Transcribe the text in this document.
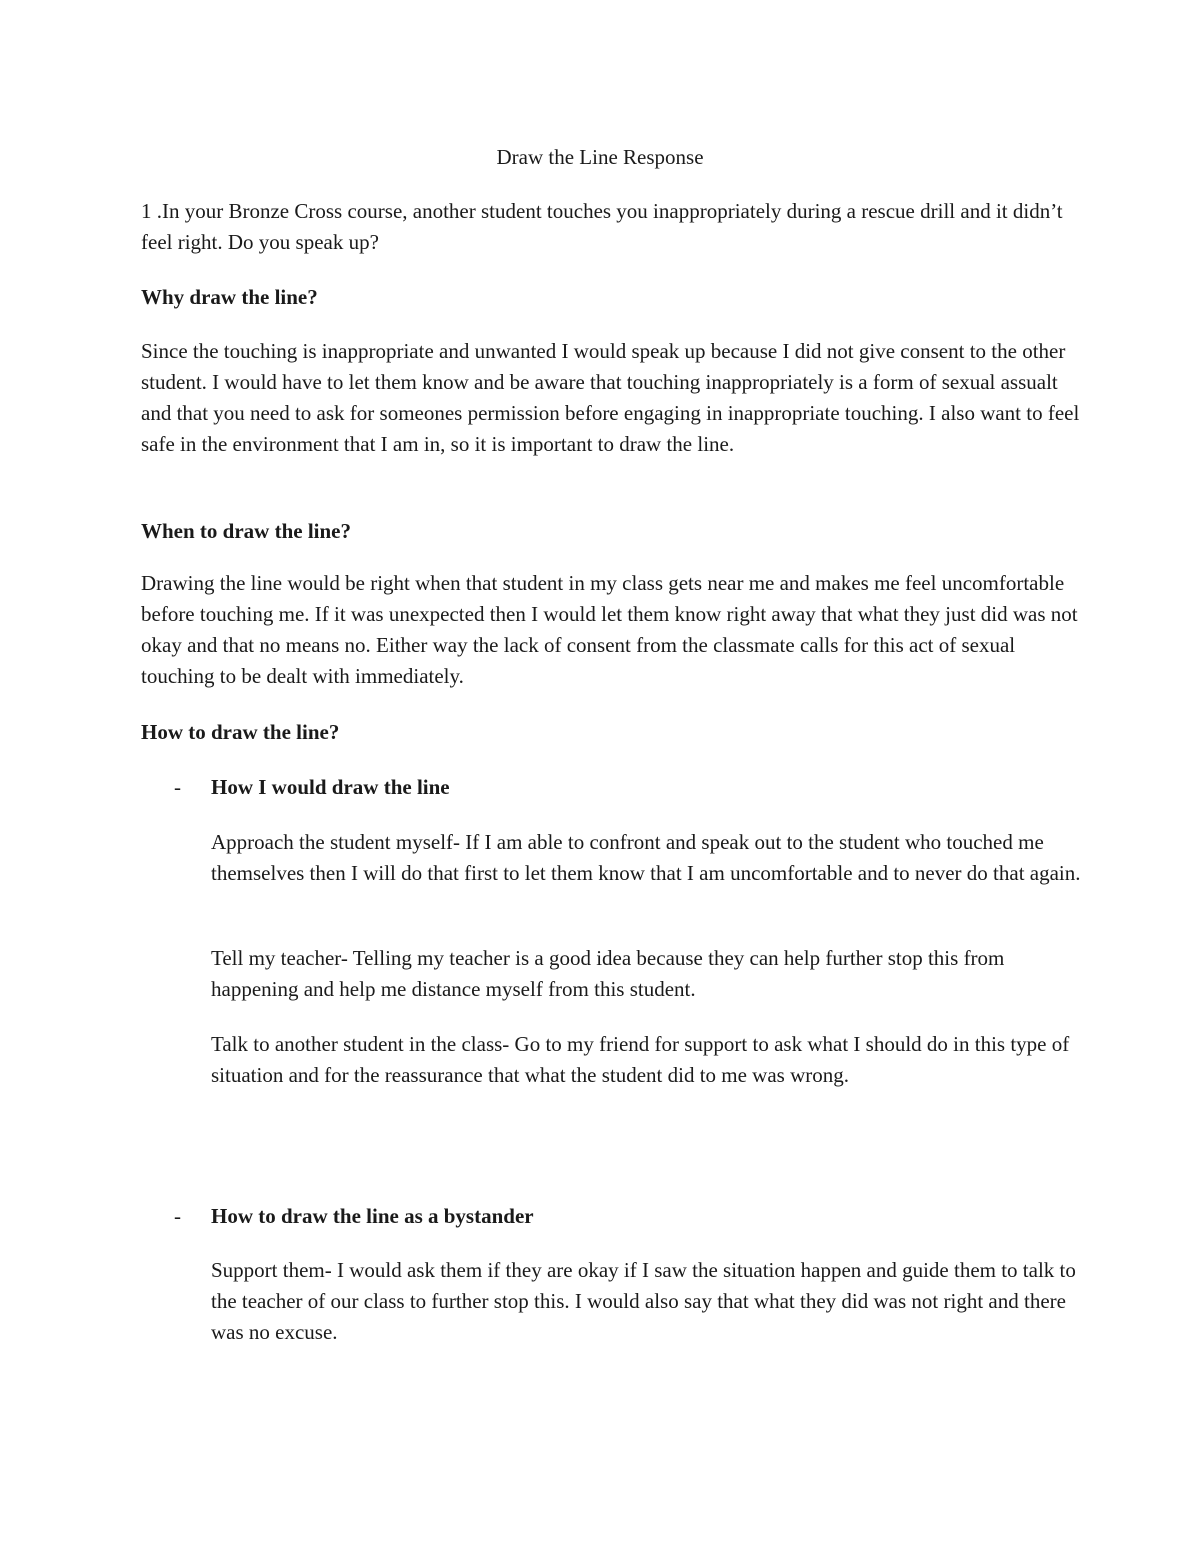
Draw the Line Response

1 .In your Bronze Cross course, another student touches you inappropriately during a rescue drill and it didn’t feel right. Do you speak up?

Why draw the line?

Since the touching is inappropriate and unwanted I would speak up because I did not give consent to the other student. I would have to let them know and be aware that touching inappropriately is a form of sexual assualt and that you need to ask for someones permission before engaging in inappropriate touching. I also want to feel safe in the environment that I am in, so it is important to draw the line.

When to draw the line?

Drawing the line would be right when that student in my class gets near me and makes me feel uncomfortable before touching me. If it was unexpected then I would let them know right away that what they just did was not okay and that no means no. Either way the lack of consent from the classmate calls for this act of sexual touching to be dealt with immediately.

How to draw the line?

- How I would draw the line

Approach the student myself- If I am able to confront and speak out to the student who touched me themselves then I will do that first to let them know that I am uncomfortable and to never do that again.

Tell my teacher- Telling my teacher is a good idea because they can help further stop this from happening and help me distance myself from this student.

Talk to another student in the class- Go to my friend for support to ask what I should do in this type of situation and for the reassurance that what the student did to me was wrong.

- How to draw the line as a bystander

Support them- I would ask them if they are okay if I saw the situation happen and guide them to talk to the teacher of our class to further stop this. I would also say that what they did was not right and there was no excuse.
